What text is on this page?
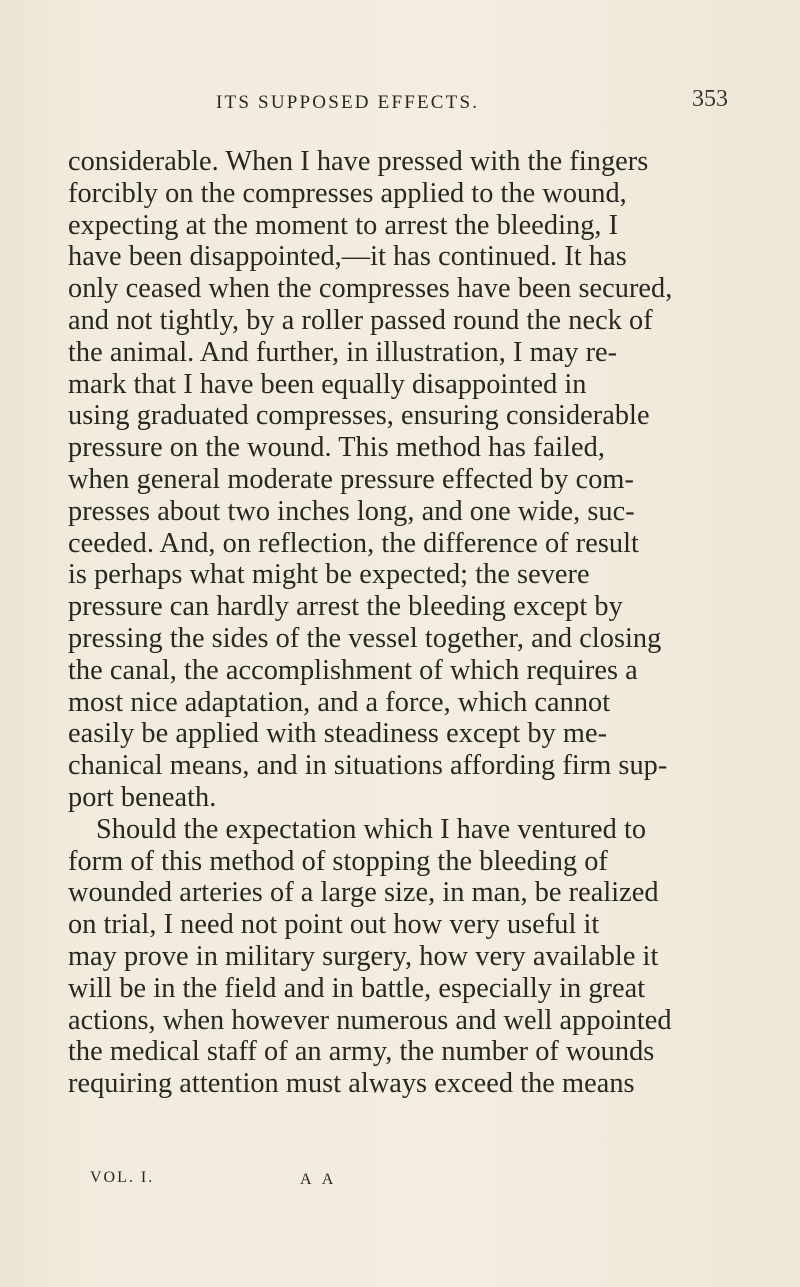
ITS SUPPOSED EFFECTS.	353
considerable. When I have pressed with the fingers
forcibly on the compresses applied to the wound,
expecting at the moment to arrest the bleeding, I
have been disappointed,—it has continued. It has
only ceased when the compresses have been secured,
and not tightly, by a roller passed round the neck of
the animal. And further, in illustration, I may re-
mark that I have been equally disappointed in
using graduated compresses, ensuring considerable
pressure on the wound. This method has failed,
when general moderate pressure effected by com-
presses about two inches long, and one wide, suc-
ceeded. And, on reflection, the difference of result
is perhaps what might be expected; the severe
pressure can hardly arrest the bleeding except by
pressing the sides of the vessel together, and closing
the canal, the accomplishment of which requires a
most nice adaptation, and a force, which cannot
easily be applied with steadiness except by me-
chanical means, and in situations affording firm sup-
port beneath.
Should the expectation which I have ventured to
form of this method of stopping the bleeding of
wounded arteries of a large size, in man, be realized
on trial, I need not point out how very useful it
may prove in military surgery, how very available it
will be in the field and in battle, especially in great
actions, when however numerous and well appointed
the medical staff of an army, the number of wounds
requiring attention must always exceed the means
VOL. I.	A A
